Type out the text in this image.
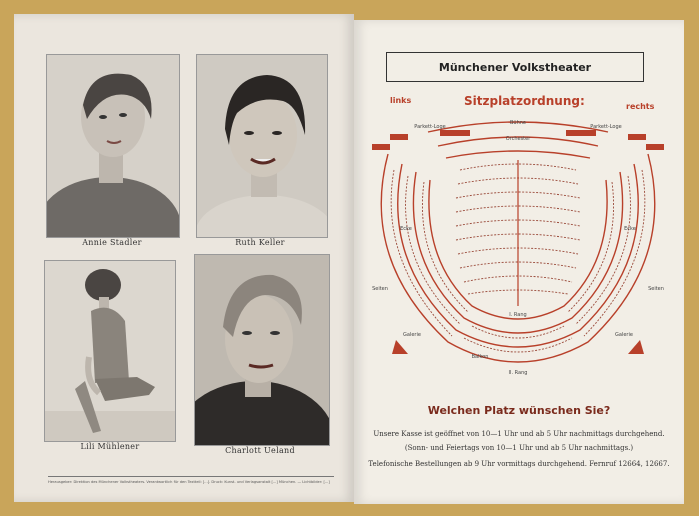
Annie Stadler	Ruth Keller
Lili Mühlener	Charlott Ueland
Herausgeber: Direktion des Münchener Volkstheaters. Verantwortlich für den Textteil: [...]. Druck: Kunst- und Verlagsanstalt [...] München. — Lichtbilder: [...]
Münchener Volkstheater
links	Sitzplatzordnung:	rechts
Bühne
Orchester
I. Rang
II. Rang
Balkon
Parkett-Loge	Parkett-Loge
Galerie	Galerie
Seiten	Seiten
Ecke	Ecke
Welchen Platz wünschen Sie?
Unsere Kasse ist geöffnet von 10—1 Uhr und ab 5 Uhr nachmittags durchgehend.
(Sonn- und Feiertags von 10—1 Uhr und ab 5 Uhr nachmittags.)
Telefonische Bestellungen ab 9 Uhr vormittags durchgehend. Fernruf 12664, 12667.
